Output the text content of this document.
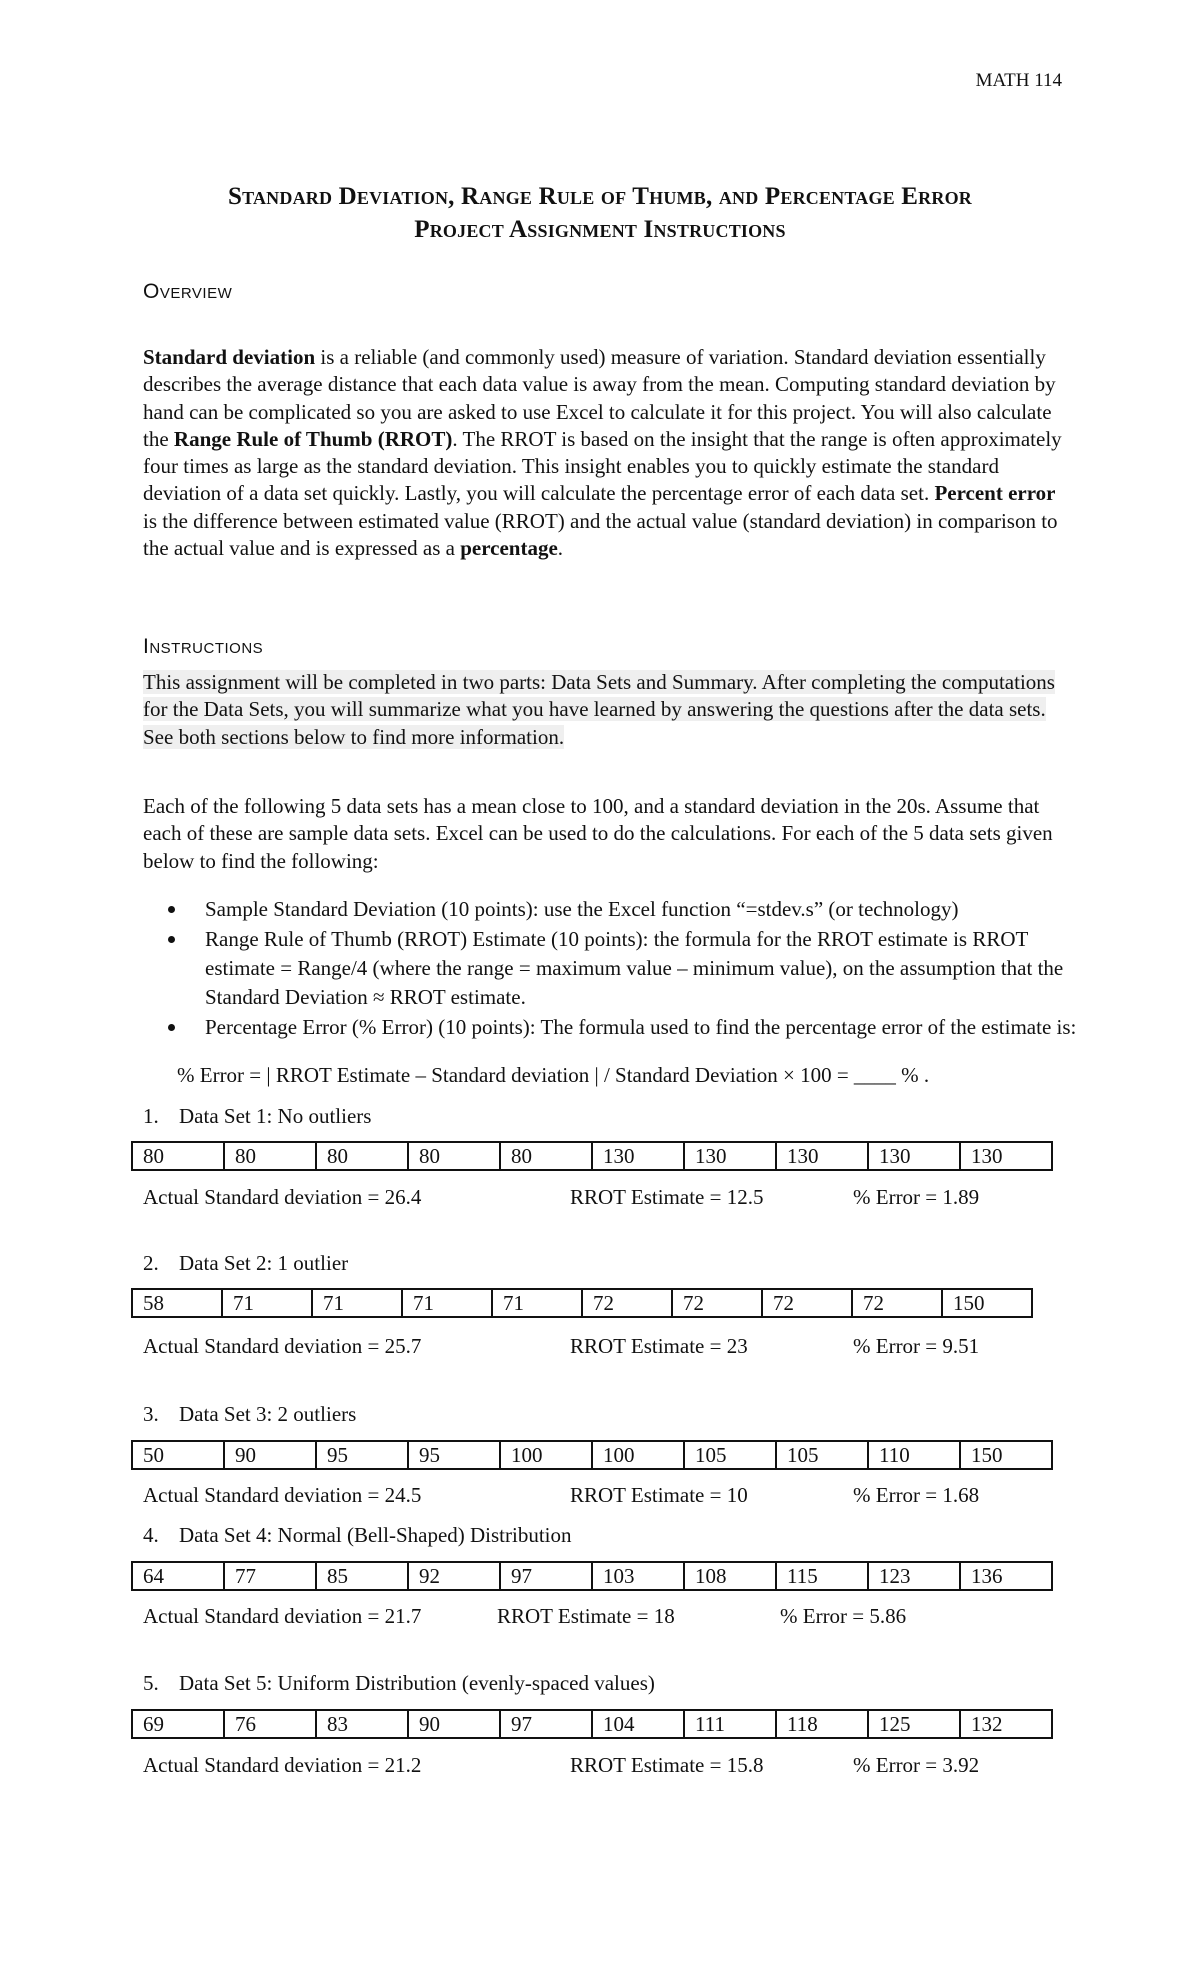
MATH 114
Standard Deviation, Range Rule of Thumb, and Percentage Error
Project Assignment Instructions
Overview
Standard deviation is a reliable (and commonly used) measure of variation. Standard deviation essentially describes the average distance that each data value is away from the mean. Computing standard deviation by hand can be complicated so you are asked to use Excel to calculate it for this project. You will also calculate the Range Rule of Thumb (RROT). The RROT is based on the insight that the range is often approximately four times as large as the standard deviation. This insight enables you to quickly estimate the standard deviation of a data set quickly. Lastly, you will calculate the percentage error of each data set. Percent error is the difference between estimated value (RROT) and the actual value (standard deviation) in comparison to the actual value and is expressed as a percentage.
Instructions
This assignment will be completed in two parts: Data Sets and Summary. After completing the computations for the Data Sets, you will summarize what you have learned by answering the questions after the data sets. See both sections below to find more information.
Each of the following 5 data sets has a mean close to 100, and a standard deviation in the 20s. Assume that each of these are sample data sets. Excel can be used to do the calculations. For each of the 5 data sets given below to find the following:
Sample Standard Deviation (10 points): use the Excel function “=stdev.s” (or technology)
Range Rule of Thumb (RROT) Estimate (10 points): the formula for the RROT estimate is RROT estimate = Range/4 (where the range = maximum value – minimum value), on the assumption that the Standard Deviation ≈ RROT estimate.
Percentage Error (% Error) (10 points): The formula used to find the percentage error of the estimate is:
% Error = | RROT Estimate – Standard deviation | / Standard Deviation × 100 = ____ % .
1. Data Set 1: No outliers
80	80	80	80	80	130	130	130	130	130
Actual Standard deviation = 26.4	RROT Estimate = 12.5	% Error = 1.89
2. Data Set 2: 1 outlier
58	71	71	71	71	72	72	72	72	150
Actual Standard deviation = 25.7	RROT Estimate = 23	% Error = 9.51
3. Data Set 3: 2 outliers
50	90	95	95	100	100	105	105	110	150
Actual Standard deviation = 24.5	RROT Estimate = 10	% Error = 1.68
4. Data Set 4: Normal (Bell-Shaped) Distribution
64	77	85	92	97	103	108	115	123	136
Actual Standard deviation = 21.7	RROT Estimate = 18	% Error = 5.86
5. Data Set 5: Uniform Distribution (evenly-spaced values)
69	76	83	90	97	104	111	118	125	132
Actual Standard deviation = 21.2	RROT Estimate = 15.8	% Error = 3.92
